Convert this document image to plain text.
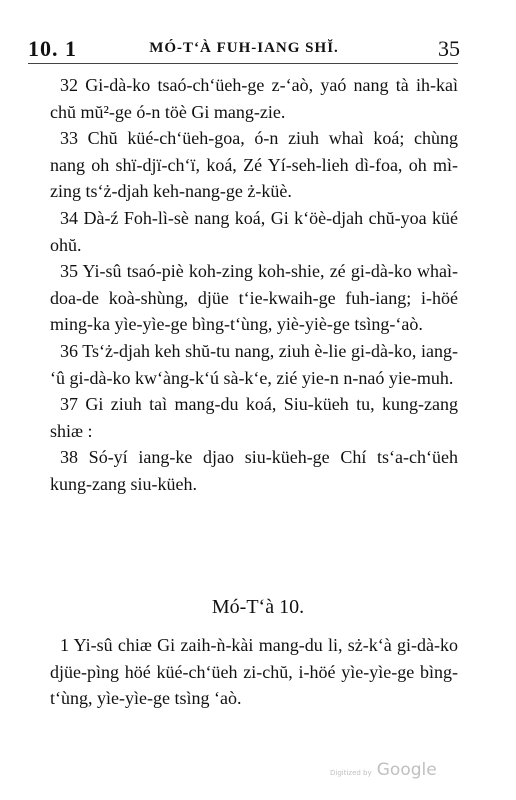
10. 1	MÓ-TʻÀ FUH-IANG SHĬ.	35

32 Gi-dà-ko tsaó-chʻüeh-ge z-ʻaò, yaó nang tà ih-kaì chŭ mŭ²-ge ó-n töè Gi mang-zie.

33 Chŭ küé-chʻüeh-goa, ó-n ziuh whaì koá; chùng nang oh shï-djï-chʻï, koá, Zé Yí-seh-lieh dì-foa, oh mì-zing tsʻż-djah keh-nang-ge ż-küè.

34 Dà-ź Foh-lì-sè nang koá, Gi kʻöè-djah chŭ-yoa küé ohŭ.

35 Yi-sû tsaó-piè koh-zing koh-shie, zé gi-dà-ko whaì-doa-de koà-shùng, djüe tʻie-kwaih-ge fuh-iang; i-höé ming-ka yìe-yìe-ge bìng-tʻùng, yiè-yiè-ge tsìng-ʻaò.

36 Tsʻż-djah keh shŭ-tu nang, ziuh è-lie gi-dà-ko, iang-ʻû gi-dà-ko kwʻàng-kʻú sà-kʻe, zié yie-n n-naó yie-muh.

37 Gi ziuh taì mang-du koá, Siu-küeh tu, kung-zang shiæ :

38 Só-yí iang-ke djao siu-küeh-ge Chí tsʻa-chʻüeh kung-zang siu-küeh.

Mó-Tʻà 10.

1 Yi-sû chiæ Gi zaih-ǹ-kài mang-du li, sż-kʻà gi-dà-ko djüe-pìng höé küé-chʻüeh zi-chŭ, i-höé yìe-yìe-ge bìng-tʻùng, yìe-yìe-ge tsìng ʻaò.

Digitized by Google
